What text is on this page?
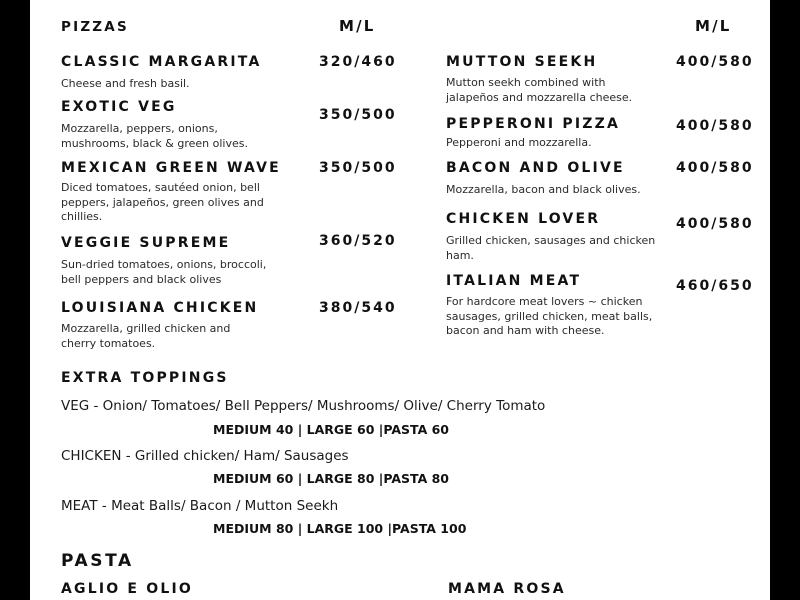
PIZZAS	M/L	M/L
CLASSIC MARGARITA	320/460
Cheese and fresh basil.
EXOTIC VEG	350/500
Mozzarella, peppers, onions,
mushrooms, black & green olives.
MEXICAN GREEN WAVE	350/500
Diced tomatoes, sautéed onion, bell
peppers, jalapeños, green olives and
chillies.
VEGGIE SUPREME	360/520
Sun-dried tomatoes, onions, broccoli,
bell peppers and black olives
LOUISIANA CHICKEN	380/540
Mozzarella, grilled chicken and
cherry tomatoes.
MUTTON SEEKH	400/580
Mutton seekh combined with
jalapeños and mozzarella cheese.
PEPPERONI PIZZA	400/580
Pepperoni and mozzarella.
BACON AND OLIVE	400/580
Mozzarella, bacon and black olives.
CHICKEN LOVER	400/580
Grilled chicken, sausages and chicken
ham.
ITALIAN MEAT	460/650
For hardcore meat lovers ~ chicken
sausages, grilled chicken, meat balls,
bacon and ham with cheese.
EXTRA TOPPINGS
VEG - Onion/ Tomatoes/ Bell Peppers/ Mushrooms/ Olive/ Cherry Tomato
MEDIUM 40 | LARGE 60 |PASTA 60
CHICKEN - Grilled chicken/ Ham/ Sausages
MEDIUM 60 | LARGE 80 |PASTA 80
MEAT - Meat Balls/ Bacon / Mutton Seekh
MEDIUM 80 | LARGE 100 |PASTA 100
PASTA
AGLIO E OLIO	MAMA ROSA
